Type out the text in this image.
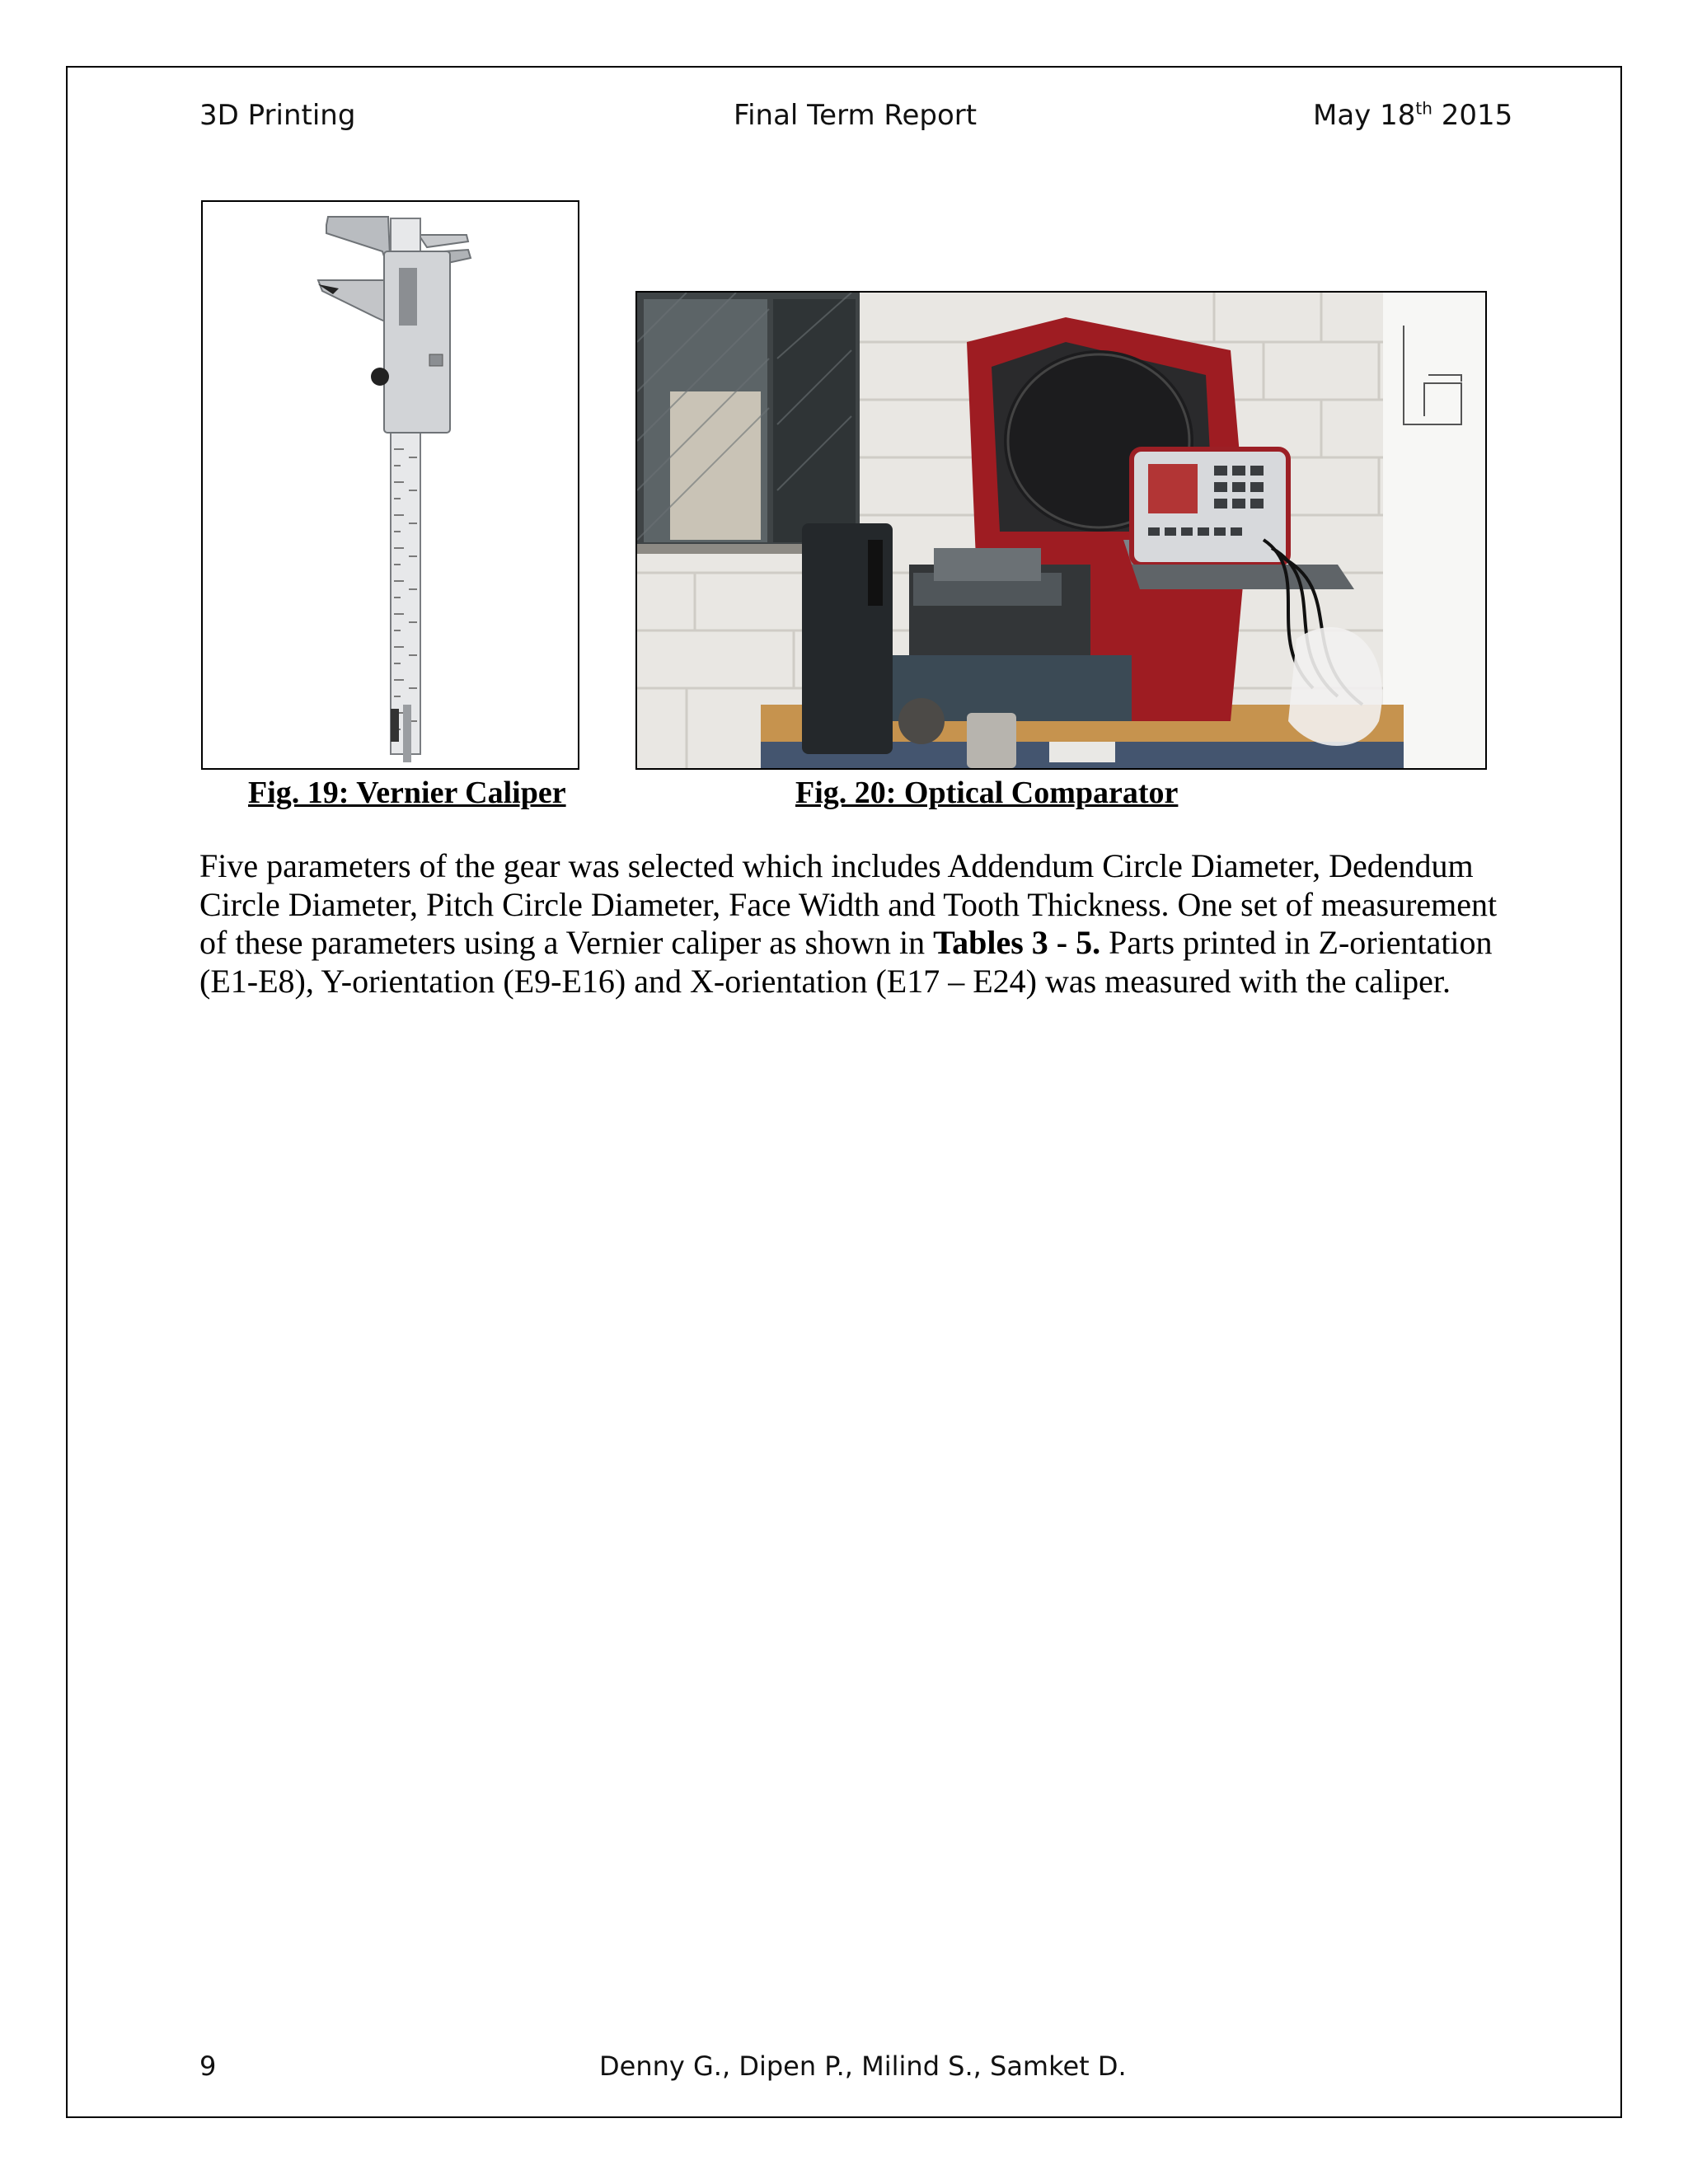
3D Printing	Final Term Report	May 18th 2015
Fig. 19: Vernier Caliper	Fig. 20: Optical Comparator
Five parameters of the gear was selected which includes Addendum Circle Diameter, Dedendum Circle Diameter, Pitch Circle Diameter, Face Width and Tooth Thickness. One set of measurement of these parameters using a Vernier caliper as shown in Tables 3 - 5. Parts printed in Z-orientation (E1-E8), Y-orientation (E9-E16) and X-orientation (E17 – E24) was measured with the caliper.
9	Denny G., Dipen P., Milind S., Samket D.
